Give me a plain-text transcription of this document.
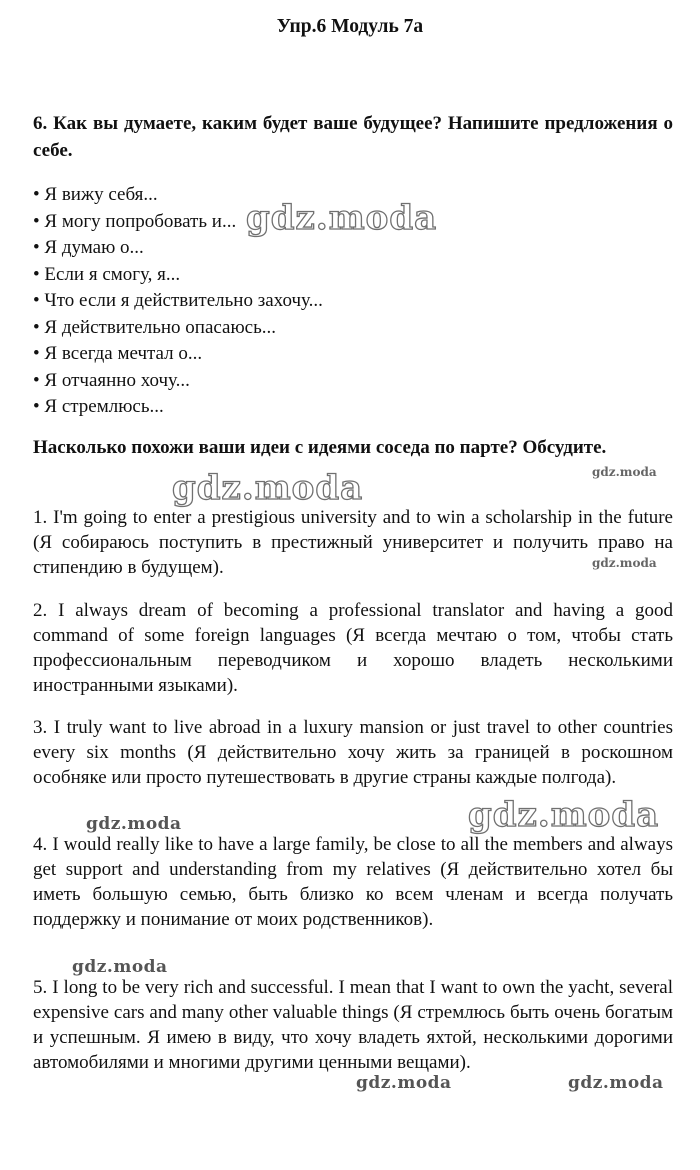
Упр.6 Модуль 7а
6. Как вы думаете, каким будет ваше будущее? Напишите предложения о себе.
• Я вижу себя...
• Я могу попробовать и...
• Я думаю о...
• Если я смогу, я...
• Что если я действительно захочу...
• Я действительно опасаюсь...
• Я всегда мечтал о...
• Я отчаянно хочу...
• Я стремлюсь...
Насколько похожи ваши идеи с идеями соседа по парте? Обсудите.

1. I'm going to enter a prestigious university and to win a scholarship in the future (Я собираюсь поступить в престижный университет и получить право на стипендию в будущем).

2. I always dream of becoming a professional translator and having a good command of some foreign languages (Я всегда мечтаю о том, чтобы стать профессиональным переводчиком и хорошо владеть несколькими иностранными языками).

3. I truly want to live abroad in a luxury mansion or just travel to other countries every six months (Я действительно хочу жить за границей в роскошном особняке или просто путешествовать в другие страны каждые полгода).

4. I would really like to have a large family, be close to all the members and always get support and understanding from my relatives (Я действительно хотел бы иметь большую семью, быть близко ко всем членам и всегда получать поддержку и понимание от моих родственников).

5. I long to be very rich and successful. I mean that I want to own the yacht, several expensive cars and many other valuable things (Я стремлюсь быть очень богатым и успешным. Я имею в виду, что хочу владеть яхтой, несколькими дорогими автомобилями и многими другими ценными вещами).

gdz.moda
gdz.moda	gdz.moda
gdz.moda
gdz.moda
gdz.moda
gdz.moda
gdz.moda	gdz.moda
